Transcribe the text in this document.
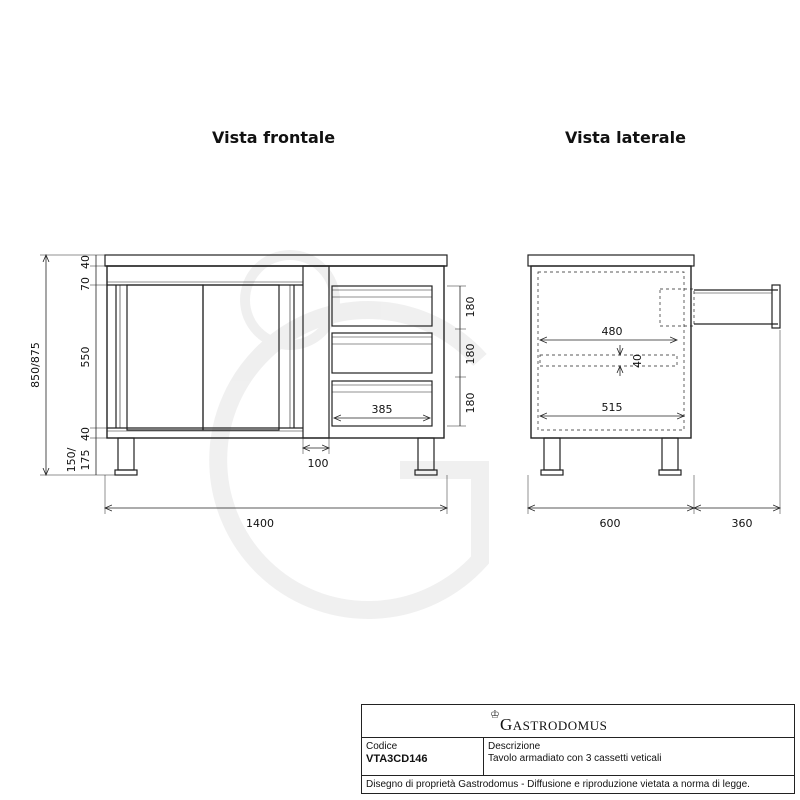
Vista frontale	Vista laterale
850/875
70
40
550
40
150/ 175	100
1400
180
180
180
385
480
40
515
600	360
♔ GASTRODOMUS
Codice
VTA3CD146
Descrizione
Tavolo armadiato con 3 cassetti veticali
Disegno di proprietà Gastrodomus - Diffusione e riproduzione vietata a norma di legge.
